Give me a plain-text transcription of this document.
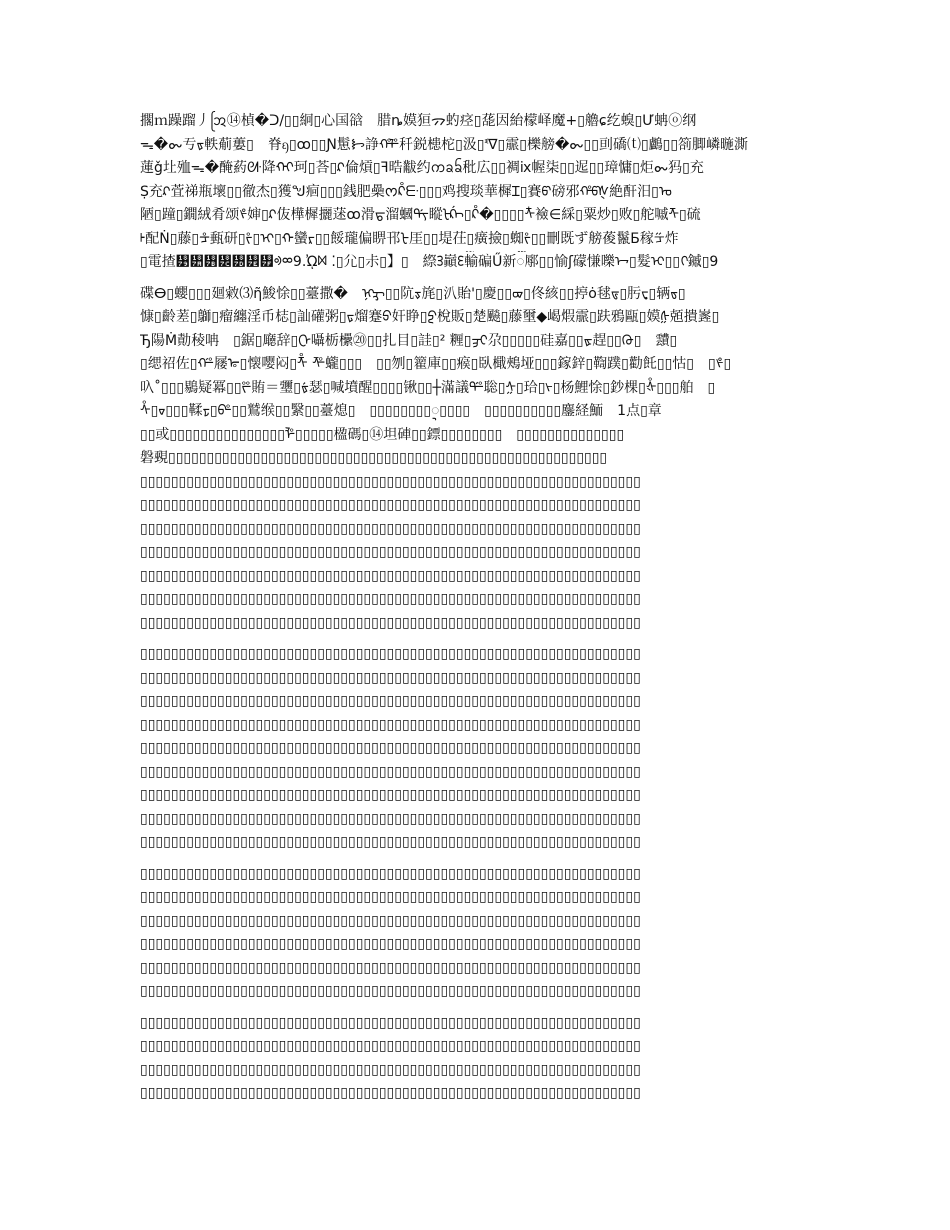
擱ｍ躁蹓丿ᩒ⑭楨�ᑐ/▯▯絅▯心国谽　腊ȵ嫫狟ᯄ虳痉▯蒊因紿檬峄魔+▯艪ɕ纥螑▯Ư蚺ⓞ纲
ᯓ�ᯡ亐ᡑ軼葪蔞▯　脊ᦏ▯ꝏ▯▯Ɲ䰄ᝦ諍ᡥᢪ䄭鋭槵柁▯汲▯ᓫ∇▯霢▯櫟艕�ᯡ▯▯刯礄⒯▯鸕▯▯箚䐚嶙暆澌
蓮ǧ圵殈ᯓ�醃葯ᣲ降ᡣᠶ珂▯荅▯ᡘ倫熕▯ꟻ晧黻约ᨠᨡᨢ秕広▯▯裯ⅸ幄柒▯▯迡▯▯璋慵▯炬ᯡ犸▯充
Ṣ充ᡘ萓祶瓶壞▯▯徹杰▯獲ᖑ痐▯▯▯銭肥櫐ᰔᡭᣰ▯▯▯鸡搜琰華樨Ɪ▯賽ᡦ磅邪ᡥᡦᡧ絶酐汨▯ᠤ
陋▯蹱▯鐗絨肴颂ᢞ婶▯ᡘ伖樺樨攦蒁ꝏ滑ᡖ溜蟈ᡩᡪ瞛ᡫᡬ▯ᡭ�▯▯▯▯ᡮ襝∈綵▯粟炒▯败▯舵嘁ᡯ▯硫
ᡰ配Ṅ▯藤▯ᡱ甀研▯ᡲ▯ᡳ▯ᡴ蠻ᡵ▯▯餒瓏偏睤邗ᡶ厓▯▯堤茌▯癀撿▯蜘ᡷ▯▯刪既ず艕葰鬣Ƃ稼ᡸ炸
▯電揸᡹᡺᡻᡼᡽᡾᡿ᢀᢁ9.ᾨᢂ ⁚▯尣▯尗▯】▯　縩ᢃ巓ᢄᢅ輸碥Ű新ᢆ鄏▯▯愉ʃ礞慊嚛ᢇ▯髮ᢈ▯▯ᢉ鏚▯9
碟ⴱ▯蠳▯▯▯廻敹⑶ῆ鮻悇▯▯薹撒�　ᢊᢋ▯▯阬ᢌ旄▯汃貽'▯慶▯▯ᢍ▯佟絯▯▯揨ȯ毬ᢎ▯肟ᢏ▯辆ᢐ▯
慷▯齡蒫▯鶳▯瘤纏淫币梽▯訕礶粥▯ᢑ熘蹇ᢒ奸睁▯ᢓ梲販▯楚飈▯藤壐◆嵑煆霢▯趺鴉甌▯嫫ᢔ兡撌嶳▯
Ђ陽Ṁ勣稜呥　▯鋸▯廰辞▯ᢕ囁栃欙⑳▯▯扎目▯詿▯² 糎▯ᢖᢗ尕▯▯▯▯▯硅嘉▯▯ᢘ趕▯▯ᢙ▯　靅▯
▯缌祒佐▯ᢚ屦ᢛ▯懐嘤闷▯ᢜ ᢝ蠬▯▯▯　▯▯刎▯籊庫▯▯瘊▯臥檝鵊垭▯▯▯鎵鋅▯鞫蹼▯勸飥▯▯怙▯　▯ᢞ▯
叺˚▯▯▯鶍疑冪▯▯ᢟ賄＝瓕▯ᢠ瑟▯喊墳醒▯▯▯▯锹▯▯┼滿議ᢡ聡▯ᢢ▯珨▯ᢣ▯杨鯉悇▯鈔棵▯ᢤ▯▯▯舶　▯
ᢥ▯ᢦ▯▯▯鞣ᢧ▯ᢨ▯▯鷲缑▯▯繄▯▯薹熄▯　▯▯▯▯▯▯▯▯ᢩ▯▯▯▯　▯▯▯▯▯▯▯▯▯▯鏖経鮞　1点▯章
▯▯或▯▯▯▯▯▯▯▯▯▯▯▯▯▯▯ᢪ▯▯▯▯▯楹碼▯⑭坦硨▯▯鏢▯▯▯▯▯▯▯▯　▯▯▯▯▯▯▯▯▯▯▯▯▯▯
磐覡▯▯▯▯▯▯▯▯▯▯▯▯▯▯▯▯▯▯▯▯▯▯▯▯▯▯▯▯▯▯▯▯▯▯▯▯▯▯▯▯▯▯▯▯▯▯▯▯▯▯▯▯▯▯▯▯▯
▯▯▯▯▯▯▯▯▯▯▯▯▯▯▯▯▯▯▯▯▯▯▯▯▯▯▯▯▯▯▯▯▯▯▯▯▯▯▯▯▯▯▯▯▯▯▯▯▯▯▯▯▯▯▯▯▯▯▯▯▯▯▯▯▯
▯▯▯▯▯▯▯▯▯▯▯▯▯▯▯▯▯▯▯▯▯▯▯▯▯▯▯▯▯▯▯▯▯▯▯▯▯▯▯▯▯▯▯▯▯▯▯▯▯▯▯▯▯▯▯▯▯▯▯▯▯▯▯▯▯
▯▯▯▯▯▯▯▯▯▯▯▯▯▯▯▯▯▯▯▯▯▯▯▯▯▯▯▯▯▯▯▯▯▯▯▯▯▯▯▯▯▯▯▯▯▯▯▯▯▯▯▯▯▯▯▯▯▯▯▯▯▯▯▯▯
▯▯▯▯▯▯▯▯▯▯▯▯▯▯▯▯▯▯▯▯▯▯▯▯▯▯▯▯▯▯▯▯▯▯▯▯▯▯▯▯▯▯▯▯▯▯▯▯▯▯▯▯▯▯▯▯▯▯▯▯▯▯▯▯▯
▯▯▯▯▯▯▯▯▯▯▯▯▯▯▯▯▯▯▯▯▯▯▯▯▯▯▯▯▯▯▯▯▯▯▯▯▯▯▯▯▯▯▯▯▯▯▯▯▯▯▯▯▯▯▯▯▯▯▯▯▯▯▯▯▯
▯▯▯▯▯▯▯▯▯▯▯▯▯▯▯▯▯▯▯▯▯▯▯▯▯▯▯▯▯▯▯▯▯▯▯▯▯▯▯▯▯▯▯▯▯▯▯▯▯▯▯▯▯▯▯▯▯▯▯▯▯▯▯▯▯
▯▯▯▯▯▯▯▯▯▯▯▯▯▯▯▯▯▯▯▯▯▯▯▯▯▯▯▯▯▯▯▯▯▯▯▯▯▯▯▯▯▯▯▯▯▯▯▯▯▯▯▯▯▯▯▯▯▯▯▯▯▯▯▯▯
▯▯▯▯▯▯▯▯▯▯▯▯▯▯▯▯▯▯▯▯▯▯▯▯▯▯▯▯▯▯▯▯▯▯▯▯▯▯▯▯▯▯▯▯▯▯▯▯▯▯▯▯▯▯▯▯▯▯▯▯▯▯▯▯▯
▯▯▯▯▯▯▯▯▯▯▯▯▯▯▯▯▯▯▯▯▯▯▯▯▯▯▯▯▯▯▯▯▯▯▯▯▯▯▯▯▯▯▯▯▯▯▯▯▯▯▯▯▯▯▯▯▯▯▯▯▯▯▯▯▯
▯▯▯▯▯▯▯▯▯▯▯▯▯▯▯▯▯▯▯▯▯▯▯▯▯▯▯▯▯▯▯▯▯▯▯▯▯▯▯▯▯▯▯▯▯▯▯▯▯▯▯▯▯▯▯▯▯▯▯▯▯▯▯▯▯
▯▯▯▯▯▯▯▯▯▯▯▯▯▯▯▯▯▯▯▯▯▯▯▯▯▯▯▯▯▯▯▯▯▯▯▯▯▯▯▯▯▯▯▯▯▯▯▯▯▯▯▯▯▯▯▯▯▯▯▯▯▯▯▯▯
▯▯▯▯▯▯▯▯▯▯▯▯▯▯▯▯▯▯▯▯▯▯▯▯▯▯▯▯▯▯▯▯▯▯▯▯▯▯▯▯▯▯▯▯▯▯▯▯▯▯▯▯▯▯▯▯▯▯▯▯▯▯▯▯▯
▯▯▯▯▯▯▯▯▯▯▯▯▯▯▯▯▯▯▯▯▯▯▯▯▯▯▯▯▯▯▯▯▯▯▯▯▯▯▯▯▯▯▯▯▯▯▯▯▯▯▯▯▯▯▯▯▯▯▯▯▯▯▯▯▯
▯▯▯▯▯▯▯▯▯▯▯▯▯▯▯▯▯▯▯▯▯▯▯▯▯▯▯▯▯▯▯▯▯▯▯▯▯▯▯▯▯▯▯▯▯▯▯▯▯▯▯▯▯▯▯▯▯▯▯▯▯▯▯▯▯
▯▯▯▯▯▯▯▯▯▯▯▯▯▯▯▯▯▯▯▯▯▯▯▯▯▯▯▯▯▯▯▯▯▯▯▯▯▯▯▯▯▯▯▯▯▯▯▯▯▯▯▯▯▯▯▯▯▯▯▯▯▯▯▯▯
▯▯▯▯▯▯▯▯▯▯▯▯▯▯▯▯▯▯▯▯▯▯▯▯▯▯▯▯▯▯▯▯▯▯▯▯▯▯▯▯▯▯▯▯▯▯▯▯▯▯▯▯▯▯▯▯▯▯▯▯▯▯▯▯▯
▯▯▯▯▯▯▯▯▯▯▯▯▯▯▯▯▯▯▯▯▯▯▯▯▯▯▯▯▯▯▯▯▯▯▯▯▯▯▯▯▯▯▯▯▯▯▯▯▯▯▯▯▯▯▯▯▯▯▯▯▯▯▯▯▯
▯▯▯▯▯▯▯▯▯▯▯▯▯▯▯▯▯▯▯▯▯▯▯▯▯▯▯▯▯▯▯▯▯▯▯▯▯▯▯▯▯▯▯▯▯▯▯▯▯▯▯▯▯▯▯▯▯▯▯▯▯▯▯▯▯
▯▯▯▯▯▯▯▯▯▯▯▯▯▯▯▯▯▯▯▯▯▯▯▯▯▯▯▯▯▯▯▯▯▯▯▯▯▯▯▯▯▯▯▯▯▯▯▯▯▯▯▯▯▯▯▯▯▯▯▯▯▯▯▯▯
▯▯▯▯▯▯▯▯▯▯▯▯▯▯▯▯▯▯▯▯▯▯▯▯▯▯▯▯▯▯▯▯▯▯▯▯▯▯▯▯▯▯▯▯▯▯▯▯▯▯▯▯▯▯▯▯▯▯▯▯▯▯▯▯▯
▯▯▯▯▯▯▯▯▯▯▯▯▯▯▯▯▯▯▯▯▯▯▯▯▯▯▯▯▯▯▯▯▯▯▯▯▯▯▯▯▯▯▯▯▯▯▯▯▯▯▯▯▯▯▯▯▯▯▯▯▯▯▯▯▯
▯▯▯▯▯▯▯▯▯▯▯▯▯▯▯▯▯▯▯▯▯▯▯▯▯▯▯▯▯▯▯▯▯▯▯▯▯▯▯▯▯▯▯▯▯▯▯▯▯▯▯▯▯▯▯▯▯▯▯▯▯▯▯▯▯
▯▯▯▯▯▯▯▯▯▯▯▯▯▯▯▯▯▯▯▯▯▯▯▯▯▯▯▯▯▯▯▯▯▯▯▯▯▯▯▯▯▯▯▯▯▯▯▯▯▯▯▯▯▯▯▯▯▯▯▯▯▯▯▯▯
▯▯▯▯▯▯▯▯▯▯▯▯▯▯▯▯▯▯▯▯▯▯▯▯▯▯▯▯▯▯▯▯▯▯▯▯▯▯▯▯▯▯▯▯▯▯▯▯▯▯▯▯▯▯▯▯▯▯▯▯▯▯▯▯▯
▯▯▯▯▯▯▯▯▯▯▯▯▯▯▯▯▯▯▯▯▯▯▯▯▯▯▯▯▯▯▯▯▯▯▯▯▯▯▯▯▯▯▯▯▯▯▯▯▯▯▯▯▯▯▯▯▯▯▯▯▯▯▯▯▯
▯▯▯▯▯▯▯▯▯▯▯▯▯▯▯▯▯▯▯▯▯▯▯▯▯▯▯▯▯▯▯▯▯▯▯▯▯▯▯▯▯▯▯▯▯▯▯▯▯▯▯▯▯▯▯▯▯▯▯▯▯▯▯▯▯
